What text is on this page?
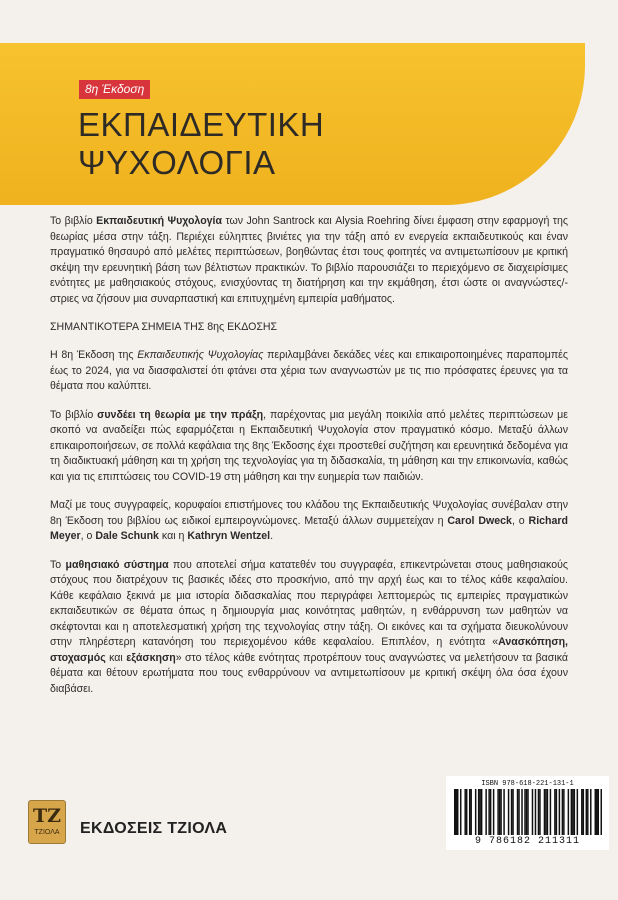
8η Έκδοση
ΕΚΠΑΙΔΕΥΤΙΚΗ
ΨΥΧΟΛΟΓΙΑ

Το βιβλίο Εκπαιδευτική Ψυχολογία των John Santrock και Alysia Roehring δίνει έμφαση στην εφαρμογή της θεωρίας μέσα στην τάξη. Περιέχει εύληπτες βινιέτες για την τάξη από εν ενεργεία εκπαιδευτικούς και έναν πραγματικό θησαυρό από μελέτες περιπτώσεων, βοηθώντας έτσι τους φοιτητές να αντιμετωπίσουν με κριτική σκέψη την ερευνητική βάση των βέλτιστων πρακτικών. Το βιβλίο παρουσιάζει το περιεχόμενο σε διαχειρίσιμες ενότητες με μαθησιακούς στόχους, ενισχύοντας τη διατήρηση και την εκμάθηση, έτσι ώστε οι αναγνώστες/-στριες να ζήσουν μια συναρπαστική και επιτυχημένη εμπειρία μαθήματος.

ΣΗΜΑΝΤΙΚΟΤΕΡΑ ΣΗΜΕΙΑ ΤΗΣ 8ης ΕΚΔΟΣΗΣ

Η 8η Έκδοση της Εκπαιδευτικής Ψυχολογίας περιλαμβάνει δεκάδες νέες και επικαιροποιημένες παραπομπές έως το 2024, για να διασφαλιστεί ότι φτάνει στα χέρια των αναγνωστών με τις πιο πρόσφατες έρευνες για τα θέματα που καλύπτει.

Το βιβλίο συνδέει τη θεωρία με την πράξη, παρέχοντας μια μεγάλη ποικιλία από μελέτες περιπτώσεων με σκοπό να αναδείξει πώς εφαρμόζεται η Εκπαιδευτική Ψυχολογία στον πραγματικό κόσμο. Μεταξύ άλλων επικαιροποιήσεων, σε πολλά κεφάλαια της 8ης Έκδοσης έχει προστεθεί συζήτηση και ερευνητικά δεδομένα για τη διαδικτυακή μάθηση και τη χρήση της τεχνολογίας για τη διδασκαλία, τη μάθηση και την επικοινωνία, καθώς και για τις επιπτώσεις του COVID-19 στη μάθηση και την ευημερία των παιδιών.

Μαζί με τους συγγραφείς, κορυφαίοι επιστήμονες του κλάδου της Εκπαιδευτικής Ψυχολογίας συνέβαλαν στην 8η Έκδοση του βιβλίου ως ειδικοί εμπειρογνώμονες. Μεταξύ άλλων συμμετείχαν η Carol Dweck, ο Richard Meyer, ο Dale Schunk και η Kathryn Wentzel.

Το μαθησιακό σύστημα που αποτελεί σήμα κατατεθέν του συγγραφέα, επικεντρώνεται στους μαθησιακούς στόχους που διατρέχουν τις βασικές ιδέες στο προσκήνιο, από την αρχή έως και το τέλος κάθε κεφαλαίου. Κάθε κεφάλαιο ξεκινά με μια ιστορία διδασκαλίας που περιγράφει λεπτομερώς τις εμπειρίες πραγματικών εκπαιδευτικών σε θέματα όπως η δημιουργία μιας κοινότητας μαθητών, η ενθάρρυνση των μαθητών να σκέφτονται και η αποτελεσματική χρήση της τεχνολογίας στην τάξη. Οι εικόνες και τα σχήματα διευκολύνουν στην πληρέστερη κατανόηση του περιεχομένου κάθε κεφαλαίου. Επιπλέον, η ενότητα «Ανασκόπηση, στοχασμός και εξάσκηση» στο τέλος κάθε ενότητας προτρέπουν τους αναγνώστες να μελετήσουν τα βασικά θέματα και θέτουν ερωτήματα που τους ενθαρρύνουν να αντιμετωπίσουν με κριτική σκέψη όλα όσα έχουν διαβάσει.

ΤΖ
ΤΖΙΟΛΑ	ΕΚΔΟΣΕΙΣ ΤΖΙΟΛΑ
ISBN 978-618-221-131-1
9 786182 211311
